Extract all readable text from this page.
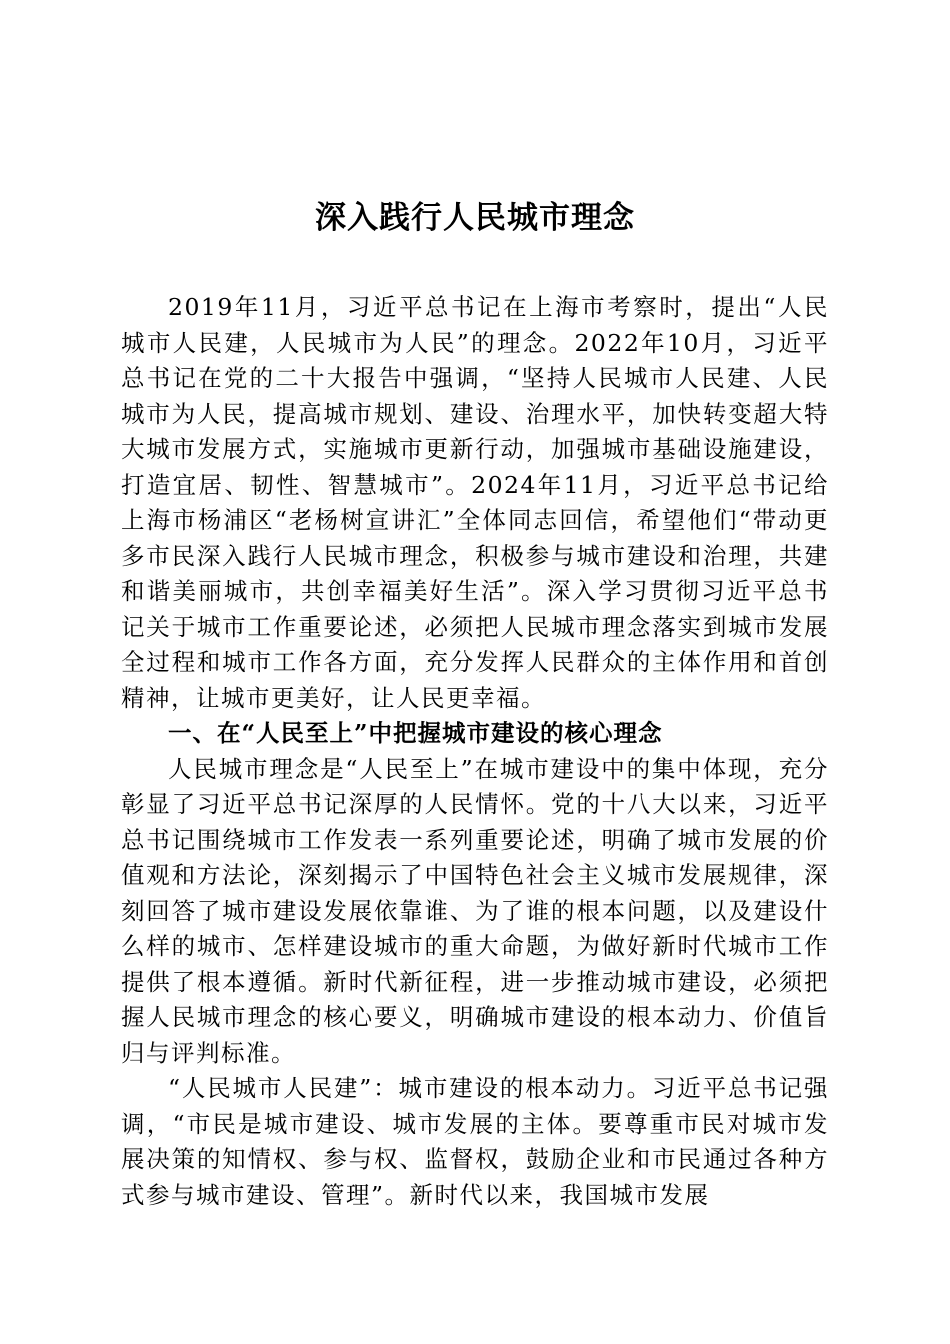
深入践行人民城市理念

2019年11月，习近平总书记在上海市考察时，提出“人民城市人民建，人民城市为人民”的理念。2022年10月，习近平总书记在党的二十大报告中强调，“坚持人民城市人民建、人民城市为人民，提高城市规划、建设、治理水平，加快转变超大特大城市发展方式，实施城市更新行动，加强城市基础设施建设，打造宜居、韧性、智慧城市”。2024年11月，习近平总书记给上海市杨浦区“老杨树宣讲汇”全体同志回信，希望他们“带动更多市民深入践行人民城市理念，积极参与城市建设和治理，共建和谐美丽城市，共创幸福美好生活”。深入学习贯彻习近平总书记关于城市工作重要论述，必须把人民城市理念落实到城市发展全过程和城市工作各方面，充分发挥人民群众的主体作用和首创精神，让城市更美好，让人民更幸福。

一、在“人民至上”中把握城市建设的核心理念

人民城市理念是“人民至上”在城市建设中的集中体现，充分彰显了习近平总书记深厚的人民情怀。党的十八大以来，习近平总书记围绕城市工作发表一系列重要论述，明确了城市发展的价值观和方法论，深刻揭示了中国特色社会主义城市发展规律，深刻回答了城市建设发展依靠谁、为了谁的根本问题，以及建设什么样的城市、怎样建设城市的重大命题，为做好新时代城市工作提供了根本遵循。新时代新征程，进一步推动城市建设，必须把握人民城市理念的核心要义，明确城市建设的根本动力、价值旨归与评判标准。

“人民城市人民建”：城市建设的根本动力。习近平总书记强调，“市民是城市建设、城市发展的主体。要尊重市民对城市发展决策的知情权、参与权、监督权，鼓励企业和市民通过各种方式参与城市建设、管理”。新时代以来，我国城市发展
